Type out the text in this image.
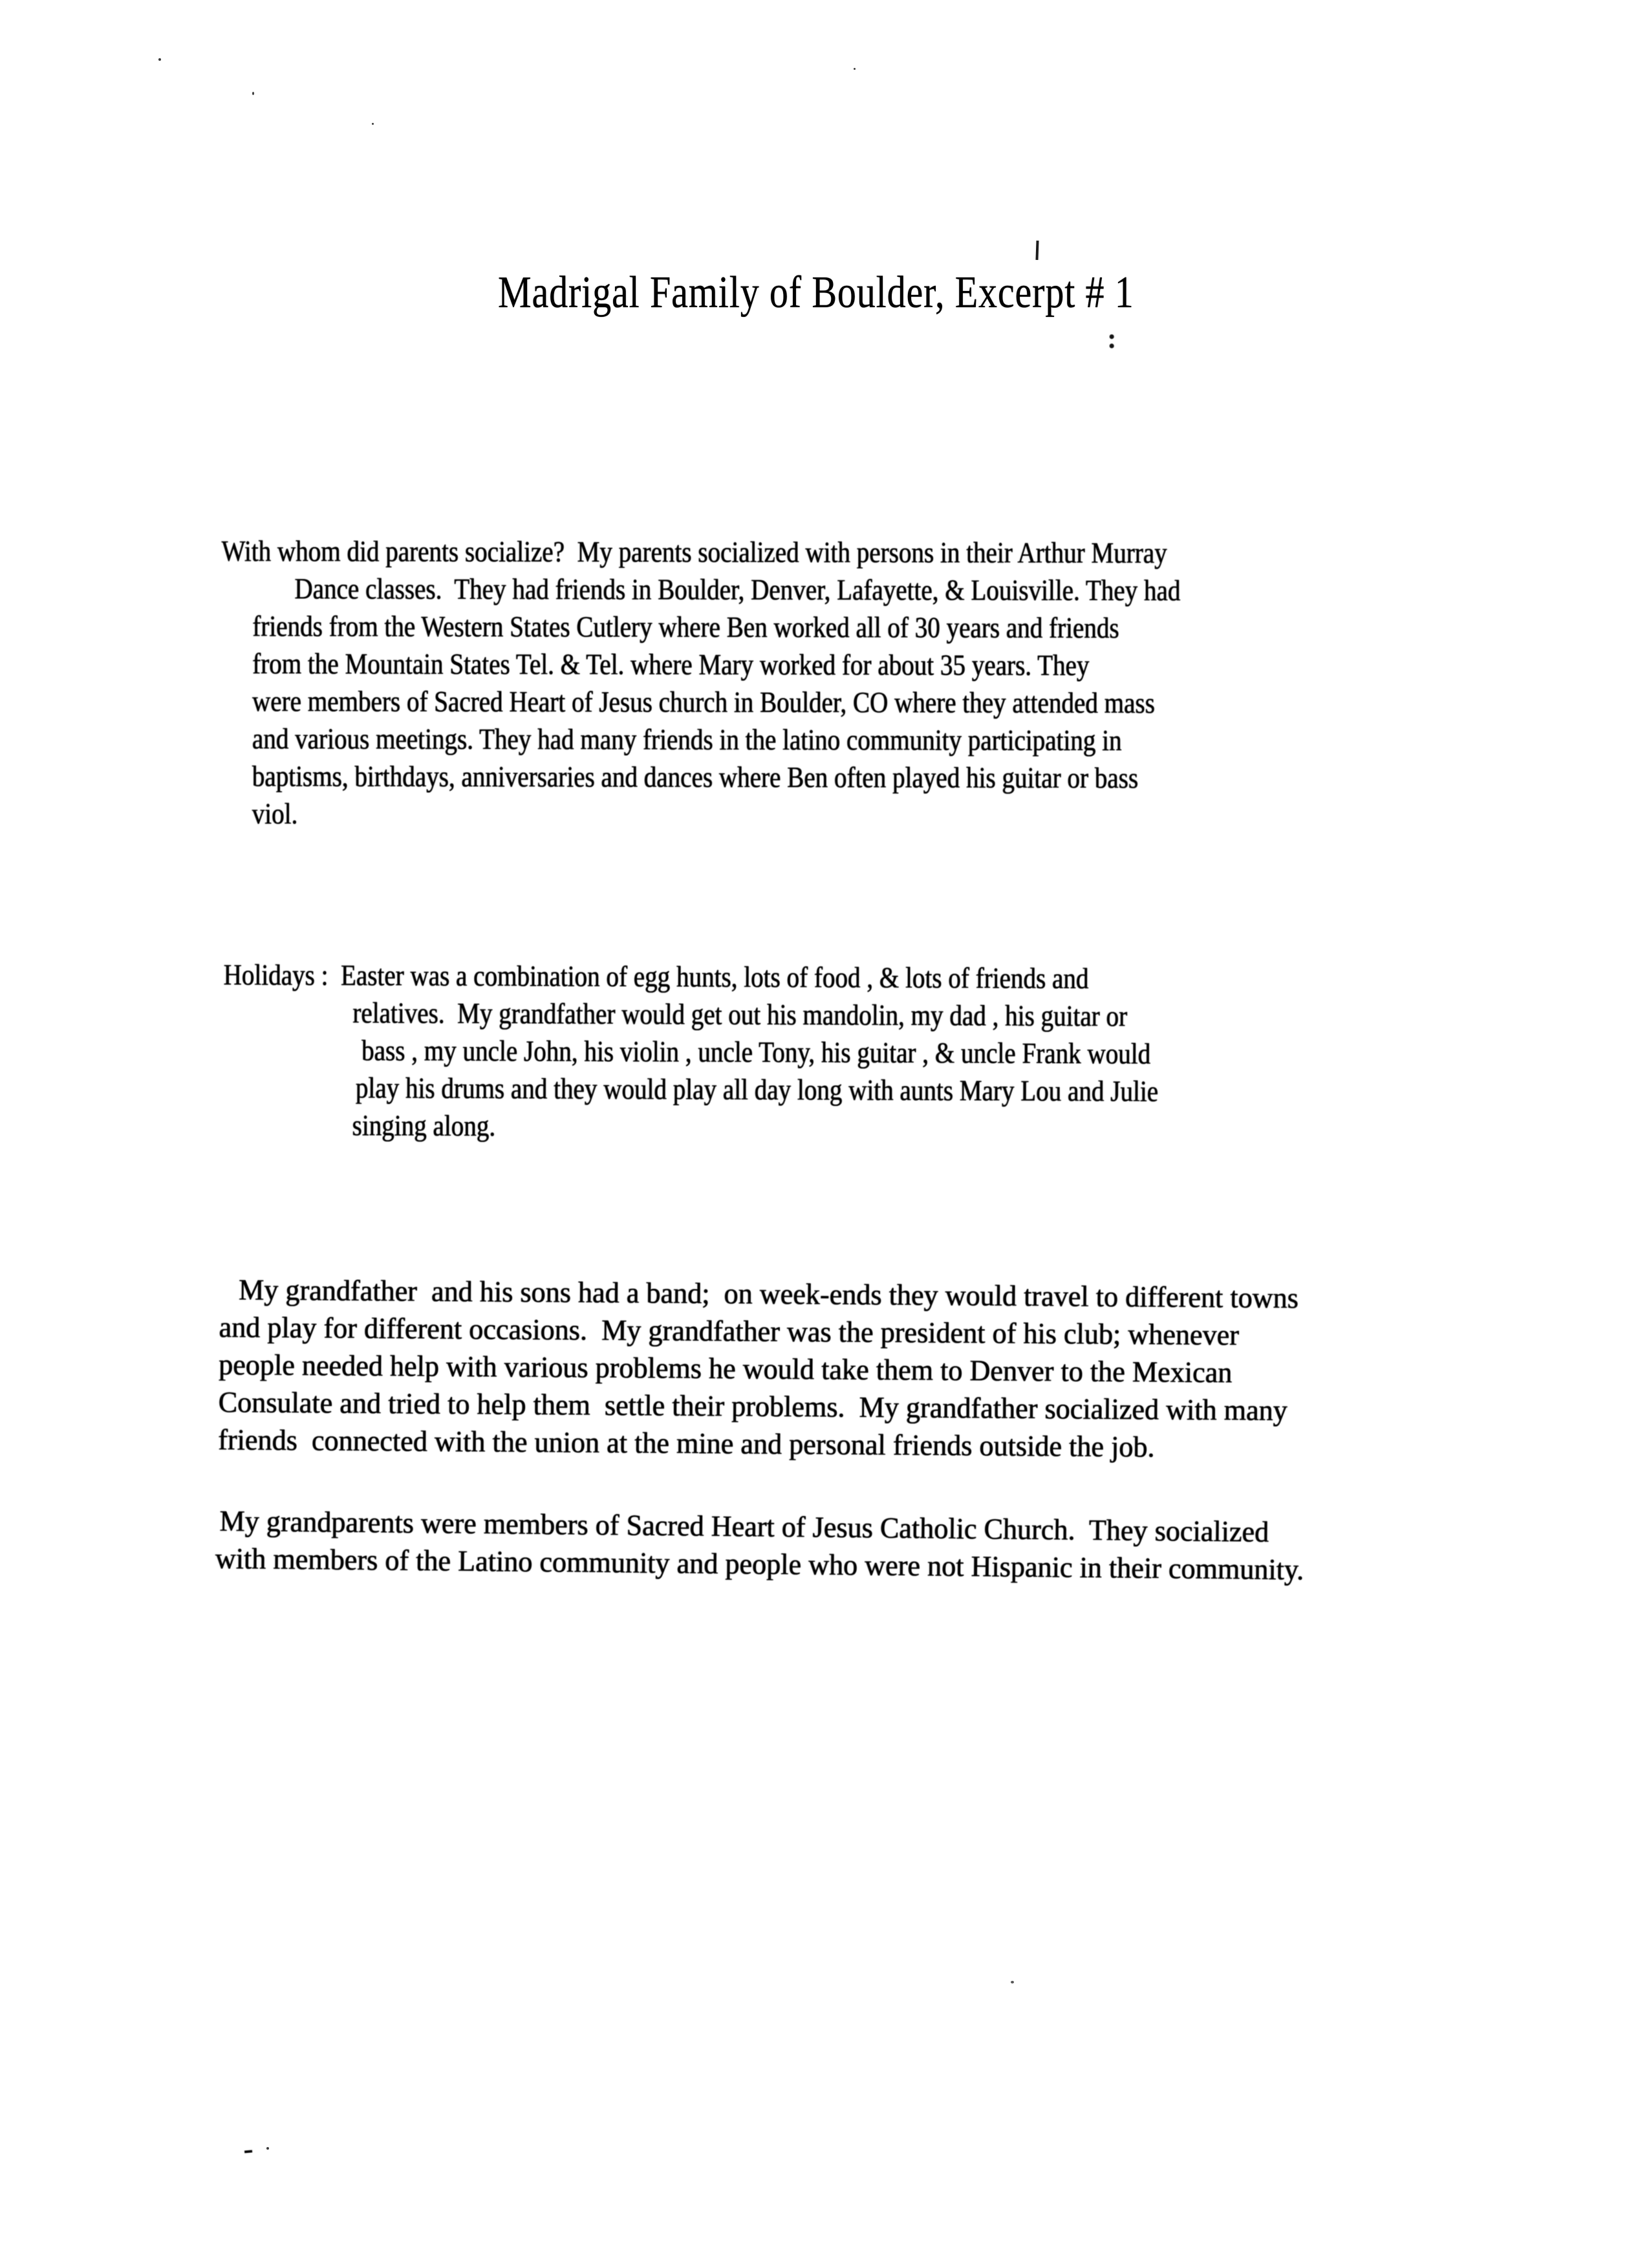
Madrigal Family of Boulder, Excerpt # 1
:
With whom did parents socialize?  My parents socialized with persons in their Arthur Murray
Dance classes.  They had friends in Boulder, Denver, Lafayette, & Louisville. They had
friends from the Western States Cutlery where Ben worked all of 30 years and friends
from the Mountain States Tel. & Tel. where Mary worked for about 35 years. They
were members of Sacred Heart of Jesus church in Boulder, CO where they attended mass
and various meetings. They had many friends in the latino community participating in
baptisms, birthdays, anniversaries and dances where Ben often played his guitar or bass
viol.
Holidays :  Easter was a combination of egg hunts, lots of food , & lots of friends and
relatives.  My grandfather would get out his mandolin, my dad , his guitar or
bass , my uncle John, his violin , uncle Tony, his guitar , & uncle Frank would
play his drums and they would play all day long with aunts Mary Lou and Julie
singing along.
My grandfather  and his sons had a band;  on week-ends they would travel to different towns
and play for different occasions.  My grandfather was the president of his club; whenever
people needed help with various problems he would take them to Denver to the Mexican
Consulate and tried to help them  settle their problems.  My grandfather socialized with many
friends  connected with the union at the mine and personal friends outside the job.
My grandparents were members of Sacred Heart of Jesus Catholic Church.  They socialized
with members of the Latino community and people who were not Hispanic in their community.
-
